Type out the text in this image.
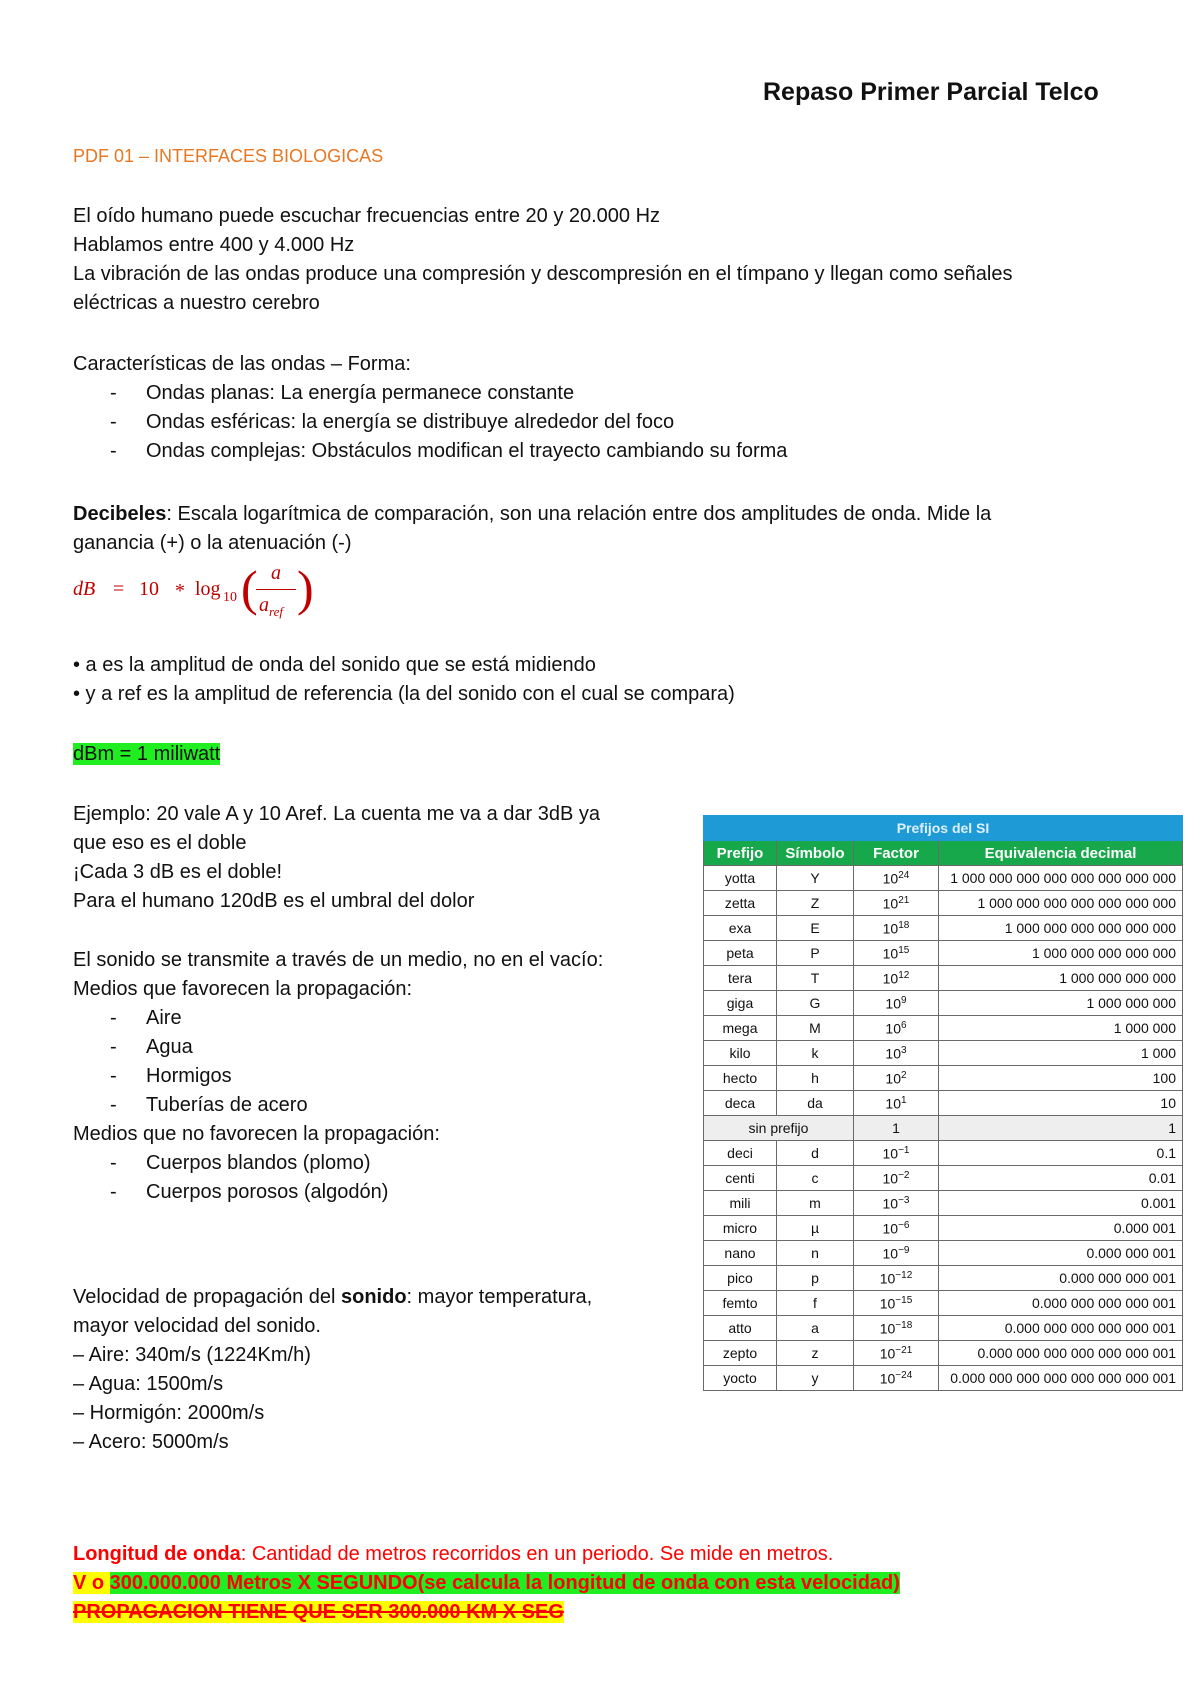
Repaso Primer Parcial Telco
PDF 01 – INTERFACES BIOLOGICAS
El oído humano puede escuchar frecuencias entre 20 y 20.000 Hz
Hablamos entre 400 y 4.000 Hz
La vibración de las ondas produce una compresión y descompresión en el tímpano y llegan como señales
eléctricas a nuestro cerebro
Características de las ondas – Forma:
- Ondas planas: La energía permanece constante
- Ondas esféricas: la energía se distribuye alrededor del foco
- Ondas complejas: Obstáculos modifican el trayecto cambiando su forma
Decibeles: Escala logarítmica de comparación, son una relación entre dos amplitudes de onda. Mide la
ganancia (+) o la atenuación (-)
dB = 10 * log 10 ( a
$a_{ref}$ )
• a es la amplitud de onda del sonido que se está midiendo
• y a ref es la amplitud de referencia (la del sonido con el cual se compara)
dBm = 1 miliwatt
Ejemplo: 20 vale A y 10 Aref. La cuenta me va a dar 3dB ya
que eso es el doble
¡Cada 3 dB es el doble!
Para el humano 120dB es el umbral del dolor
El sonido se transmite a través de un medio, no en el vacío:
Medios que favorecen la propagación:
- Aire
- Agua
- Hormigos
- Tuberías de acero
Medios que no favorecen la propagación:
- Cuerpos blandos (plomo)
- Cuerpos porosos (algodón)
Velocidad de propagación del sonido: mayor temperatura,
mayor velocidad del sonido.
– Aire: 340m/s (1224Km/h)
– Agua: 1500m/s
– Hormigón: 2000m/s
– Acero: 5000m/s
Longitud de onda: Cantidad de metros recorridos en un periodo. Se mide en metros.
V o 300.000.000 Metros X SEGUNDO(se calcula la longitud de onda con esta velocidad)
PROPAGACION TIENE QUE SER 300.000 KM X SEG
Prefijos del SI			
Prefijo	Símbolo	Factor	Equivalencia decimal
yotta	Y	$10^{24}$	1 000 000 000 000 000 000 000 000
zetta	Z	$10^{21}$	1 000 000 000 000 000 000 000
exa	E	$10^{18}$	1 000 000 000 000 000 000
peta	P	$10^{15}$	1 000 000 000 000 000
tera	T	$10^{12}$	1 000 000 000 000
giga	G	$10^9$	1 000 000 000
mega	M	$10^6$	1 000 000
kilo	k	$10^3$	1 000
hecto	h	$10^2$	100
deca	da	$10^1$	10
sin prefijo		1	1
deci	d	$10^{-1}$	0.1
centi	c	$10^{-2}$	0.01
mili	m	$10^{-3}$	0.001
micro	µ	$10^{-6}$	0.000 001
nano	n	$10^{-9}$	0.000 000 001
pico	p	$10^{-12}$	0.000 000 000 001
femto	f	$10^{-15}$	0.000 000 000 000 001
atto	a	$10^{-18}$	0.000 000 000 000 000 001
zepto	z	$10^{-21}$	0.000 000 000 000 000 000 001
yocto	y	$10^{-24}$	0.000 000 000 000 000 000 000 001
